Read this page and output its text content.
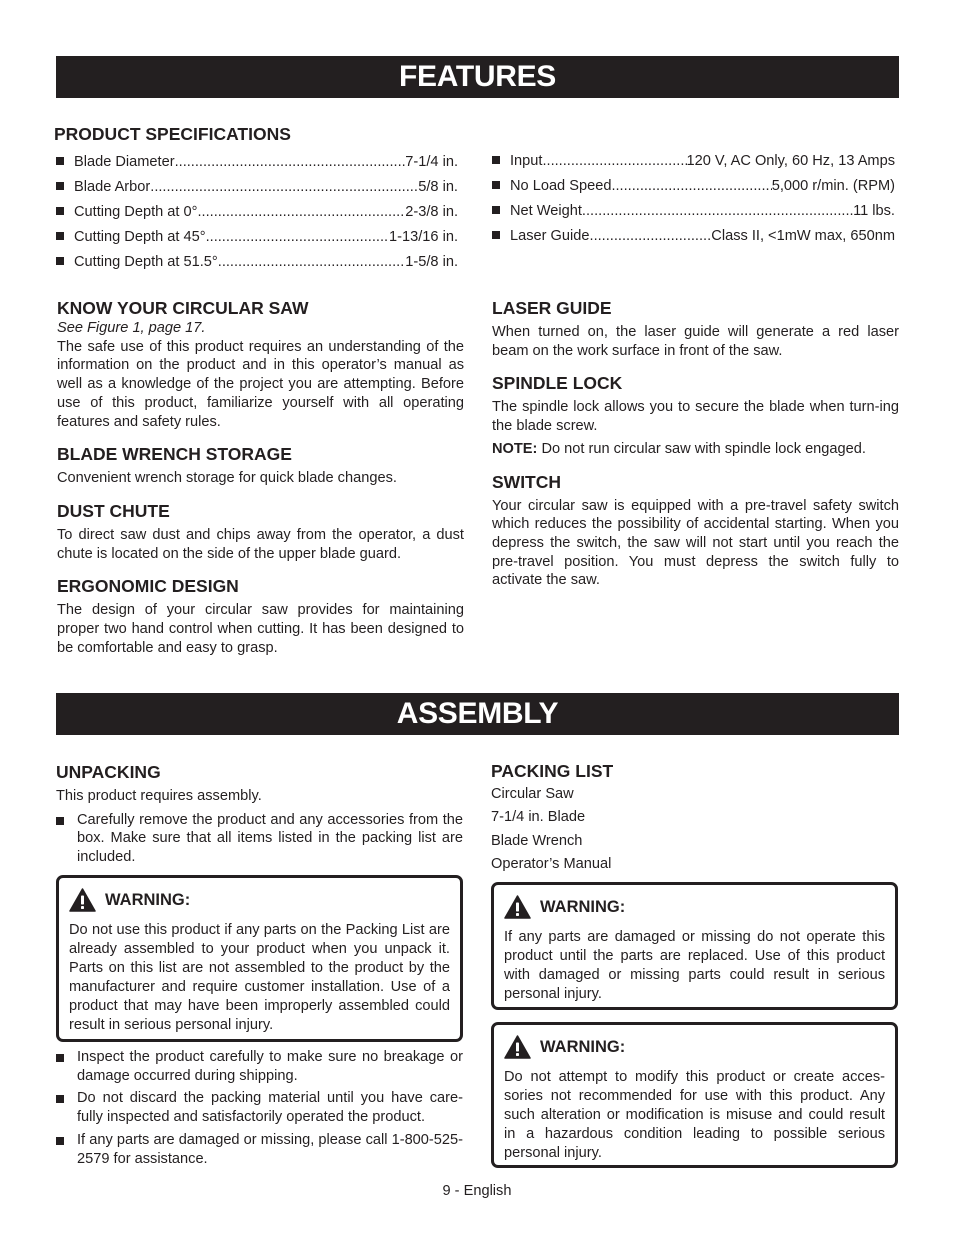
FEATURES
PRODUCT SPECIFICATIONS
Blade Diameter .....	7-1/4 in.
Blade Arbor .....	5/8 in.
Cutting Depth at 0° .....	2-3/8 in.
Cutting Depth at 45° .....	1-13/16 in.
Cutting Depth at 51.5° .....	1-5/8 in.
Input .....	120 V, AC Only, 60 Hz, 13 Amps
No Load Speed .....	5,000 r/min. (RPM)
Net Weight .....	11 lbs.
Laser Guide .....	Class II, <1mW max, 650nm
KNOW YOUR CIRCULAR SAW

See Figure 1, page 17.

The safe use of this product requires an understanding of the information on the product and in this operator’s manual as well as a knowledge of the project you are attempting. Before use of this product, familiarize yourself with all operating features and safety rules.

BLADE WRENCH STORAGE

Convenient wrench storage for quick blade changes.

DUST CHUTE

To direct saw dust and chips away from the operator, a dust chute is located on the side of the upper blade guard.

ERGONOMIC DESIGN

The design of your circular saw provides for maintaining proper two hand control when cutting. It has been designed to be comfortable and easy to grasp.

LASER GUIDE

When turned on, the laser guide will generate a red laser beam on the work surface in front of the saw.

SPINDLE LOCK

The spindle lock allows you to secure the blade when turn-ing the blade screw.

NOTE: Do not run circular saw with spindle lock engaged.

SWITCH

Your circular saw is equipped with a pre-travel safety switch which reduces the possibility of accidental starting. When you depress the switch, the saw will not start until you reach the pre-travel position. You must depress the switch fully to activate the saw.

ASSEMBLY
UNPACKING

This product requires assembly.

Carefully remove the product and any accessories from the box. Make sure that all items listed in the packing list are included.

WARNING:

Do not use this product if any parts on the Packing List are already assembled to your product when you unpack it. Parts on this list are not assembled to the product by the manufacturer and require customer installation. Use of a product that may have been improperly assembled could result in serious personal injury.

Inspect the product carefully to make sure no breakage or damage occurred during shipping.

Do not discard the packing material until you have care-fully inspected and satisfactorily operated the product.

If any parts are damaged or missing, please call 1-800-525-2579 for assistance.

PACKING LIST
Circular Saw
7-1/4 in. Blade
Blade Wrench
Operator’s Manual
WARNING:

If any parts are damaged or missing do not operate this product until the parts are replaced. Use of this product with damaged or missing parts could result in serious personal injury.

WARNING:

Do not attempt to modify this product or create acces-sories not recommended for use with this product. Any such alteration or modification is misuse and could result in a hazardous condition leading to possible serious personal injury.

9 - English
